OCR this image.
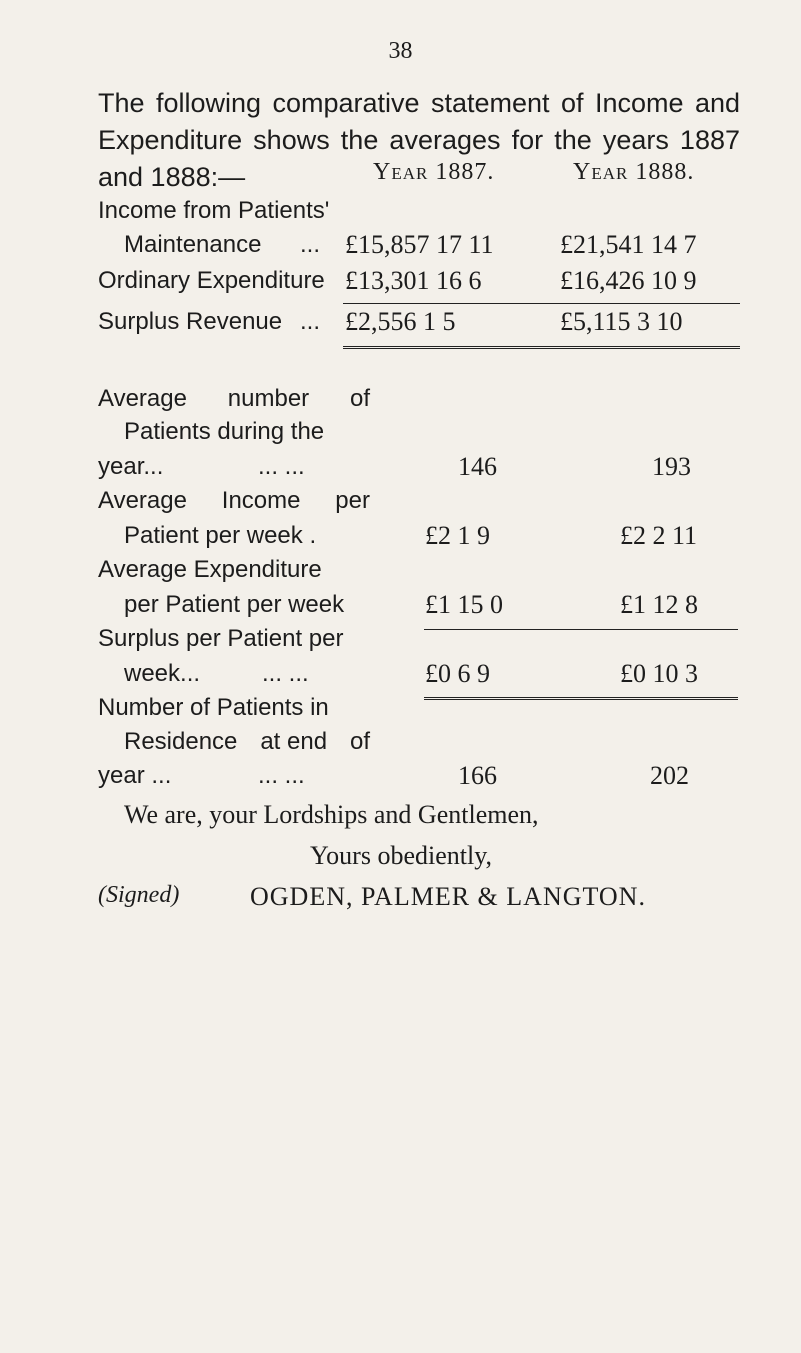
38
The following comparative statement of Income and Expenditure shows the averages for the years 1887 and 1888:—	Year 1887.	Year 1888.
Income from Patients'
Maintenance ... £15,857 17 11	£21,541 14 7
Ordinary Expenditure £13,301 16 6	£16,426 10 9
Surplus Revenue ... £2,556 1 5	£5,115 3 10
Average number of
Patients during the
year...	... ...	146	193
Average Income per
Patient per week .	£2 1 9	£2 2 11
Average Expenditure
per Patient per week	£1 15 0	£1 12 8
Surplus per Patient per
week...	... ...	£0 6 9	£0 10 3
Number of Patients in
Residence at end of
year ...	... ...	166	202
We are, your Lordships and Gentlemen,
Yours obediently,
(Signed)	OGDEN, PALMER & LANGTON.
